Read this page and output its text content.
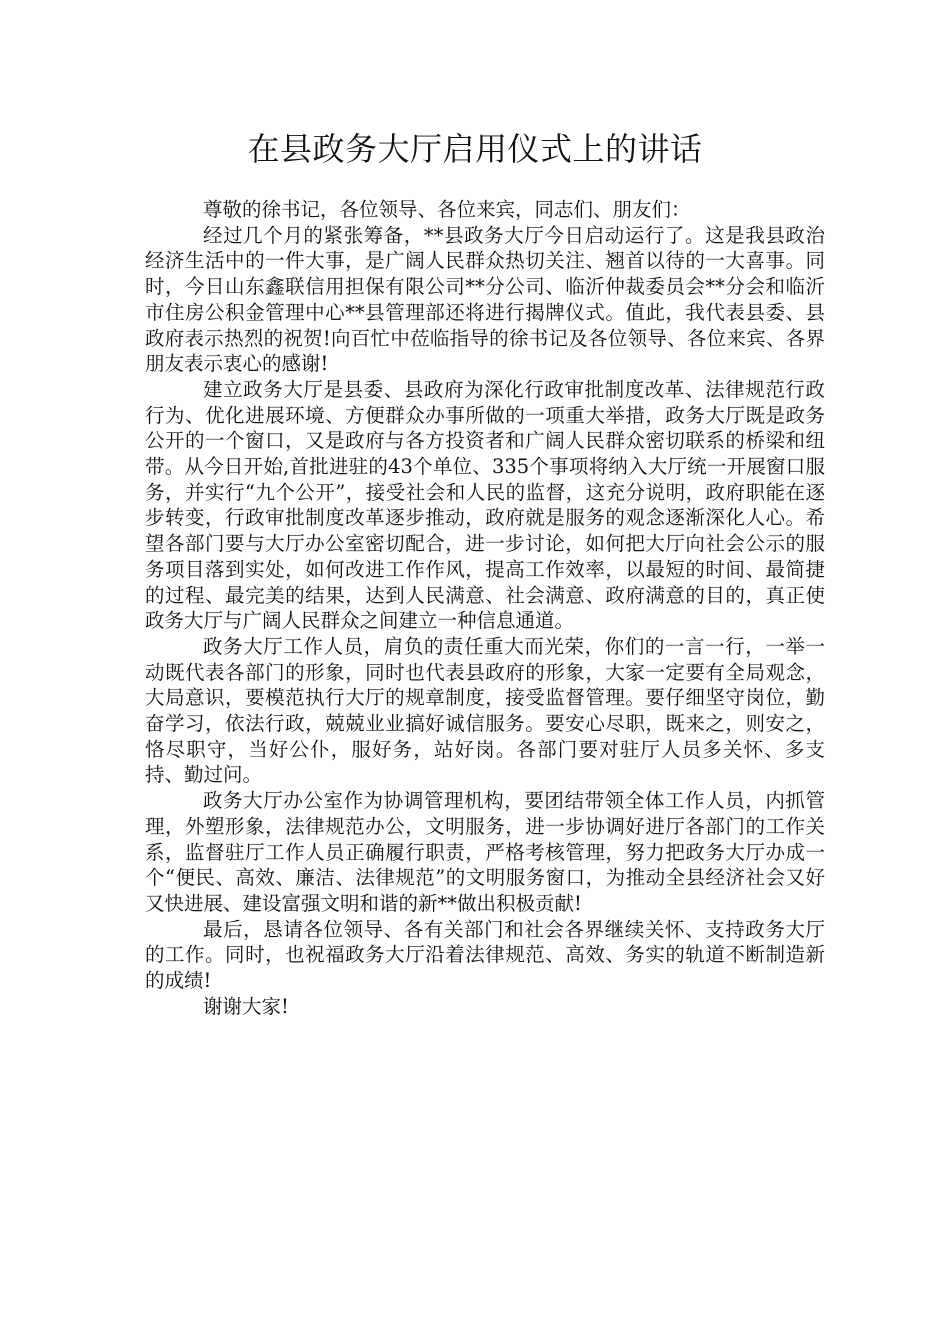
在县政务大厅启用仪式上的讲话

尊敬的徐书记，各位领导、各位来宾，同志们、朋友们：

经过几个月的紧张筹备，**县政务大厅今日启动运行了。这是我县政治经济生活中的一件大事，是广阔人民群众热切关注、翘首以待的一大喜事。同时，今日山东鑫联信用担保有限公司**分公司、临沂仲裁委员会**分会和临沂市住房公积金管理中心**县管理部还将进行揭牌仪式。值此，我代表县委、县政府表示热烈的祝贺!向百忙中莅临指导的徐书记及各位领导、各位来宾、各界朋友表示衷心的感谢!

建立政务大厅是县委、县政府为深化行政审批制度改革、法律规范行政行为、优化进展环境、方便群众办事所做的一项重大举措，政务大厅既是政务公开的一个窗口，又是政府与各方投资者和广阔人民群众密切联系的桥梁和纽带。从今日开始,首批进驻的43个单位、335个事项将纳入大厅统一开展窗口服务，并实行“九个公开”，接受社会和人民的监督，这充分说明，政府职能在逐步转变，行政审批制度改革逐步推动，政府就是服务的观念逐渐深化人心。希望各部门要与大厅办公室密切配合，进一步讨论，如何把大厅向社会公示的服务项目落到实处，如何改进工作作风，提高工作效率，以最短的时间、最简捷的过程、最完美的结果，达到人民满意、社会满意、政府满意的目的，真正使政务大厅与广阔人民群众之间建立一种信息通道。

政务大厅工作人员，肩负的责任重大而光荣，你们的一言一行，一举一动既代表各部门的形象，同时也代表县政府的形象，大家一定要有全局观念，大局意识，要模范执行大厅的规章制度，接受监督管理。要仔细坚守岗位，勤奋学习，依法行政，兢兢业业搞好诚信服务。要安心尽职，既来之，则安之，恪尽职守，当好公仆，服好务，站好岗。各部门要对驻厅人员多关怀、多支持、勤过问。

政务大厅办公室作为协调管理机构，要团结带领全体工作人员，内抓管理，外塑形象，法律规范办公，文明服务，进一步协调好进厅各部门的工作关系，监督驻厅工作人员正确履行职责，严格考核管理，努力把政务大厅办成一个“便民、高效、廉洁、法律规范”的文明服务窗口，为推动全县经济社会又好又快进展、建设富强文明和谐的新**做出积极贡献!

最后，恳请各位领导、各有关部门和社会各界继续关怀、支持政务大厅的工作。同时，也祝福政务大厅沿着法律规范、高效、务实的轨道不断制造新的成绩!

谢谢大家!
